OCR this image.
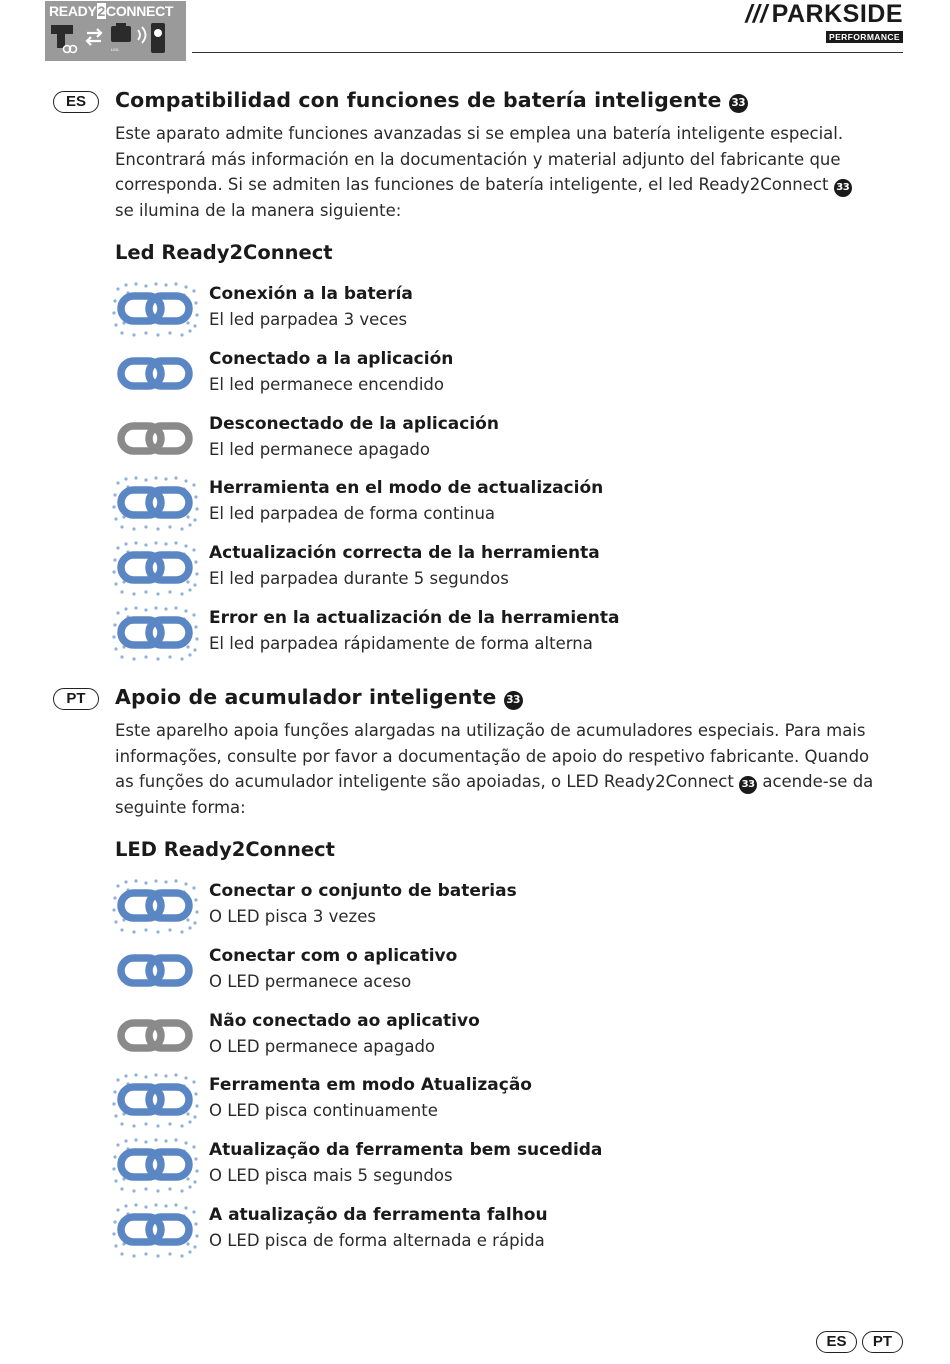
READY2CONNECT
LIDL
/// PARKSIDE
PERFORMANCE
ES	Compatibilidad con funciones de batería inteligente 33

Este aparato admite funciones avanzadas si se emplea una batería inteligente especial.
Encontrará más información en la documentación y material adjunto del fabricante que
corresponda. Si se admiten las funciones de batería inteligente, el led Ready2Connect 33
se ilumina de la manera siguiente:

Led Ready2Connect
Conexión a la batería
El led parpadea 3 veces
Conectado a la aplicación
El led permanece encendido
Desconectado de la aplicación
El led permanece apagado
Herramienta en el modo de actualización
El led parpadea de forma continua
Actualización correcta de la herramienta
El led parpadea durante 5 segundos
Error en la actualización de la herramienta
El led parpadea rápidamente de forma alterna
PT	Apoio de acumulador inteligente 33

Este aparelho apoia funções alargadas na utilização de acumuladores especiais. Para mais
informações, consulte por favor a documentação de apoio do respetivo fabricante. Quando
as funções do acumulador inteligente são apoiadas, o LED Ready2Connect 33 acende-se da
seguinte forma:

LED Ready2Connect
Conectar o conjunto de baterias
O LED pisca 3 vezes
Conectar com o aplicativo
O LED permanece aceso
Não conectado ao aplicativo
O LED permanece apagado
Ferramenta em modo Atualização
O LED pisca continuamente
Atualização da ferramenta bem sucedida
O LED pisca mais 5 segundos
A atualização da ferramenta falhou
O LED pisca de forma alternada e rápida
ES	PT
